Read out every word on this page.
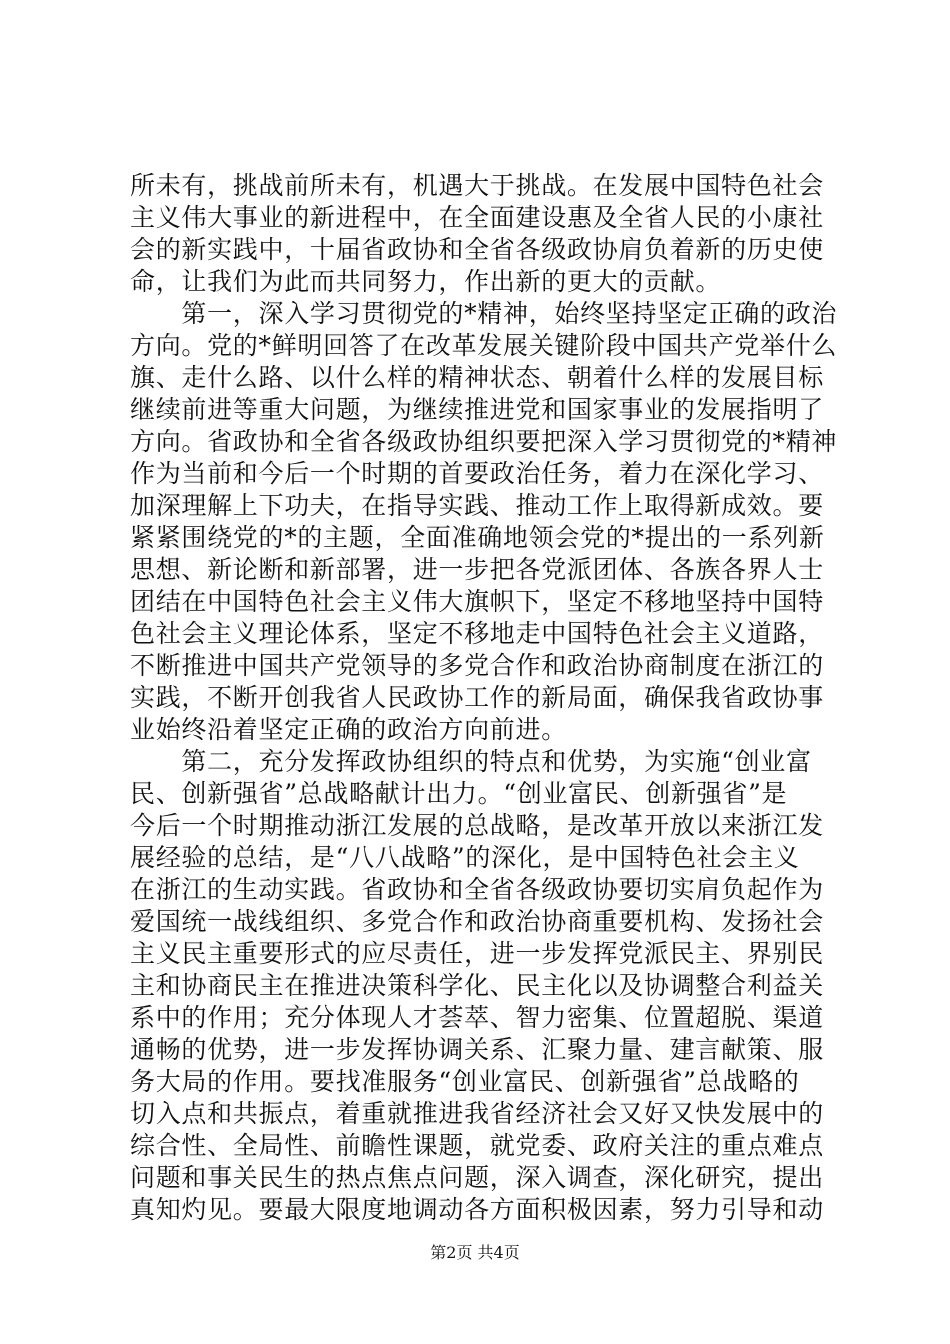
所未有，挑战前所未有，机遇大于挑战。在发展中国特色社会
主义伟大事业的新进程中，在全面建设惠及全省人民的小康社
会的新实践中，十届省政协和全省各级政协肩负着新的历史使
命，让我们为此而共同努力，作出新的更大的贡献。
　　第一，深入学习贯彻党的*精神，始终坚持坚定正确的政治
方向。党的*鲜明回答了在改革发展关键阶段中国共产党举什么
旗、走什么路、以什么样的精神状态、朝着什么样的发展目标
继续前进等重大问题，为继续推进党和国家事业的发展指明了
方向。省政协和全省各级政协组织要把深入学习贯彻党的*精神
作为当前和今后一个时期的首要政治任务，着力在深化学习、
加深理解上下功夫，在指导实践、推动工作上取得新成效。要
紧紧围绕党的*的主题，全面准确地领会党的*提出的一系列新
思想、新论断和新部署，进一步把各党派团体、各族各界人士
团结在中国特色社会主义伟大旗帜下，坚定不移地坚持中国特
色社会主义理论体系，坚定不移地走中国特色社会主义道路，
不断推进中国共产党领导的多党合作和政治协商制度在浙江的
实践，不断开创我省人民政协工作的新局面，确保我省政协事
业始终沿着坚定正确的政治方向前进。
　　第二，充分发挥政协组织的特点和优势，为实施“创业富
民、创新强省”总战略献计出力。“创业富民、创新强省”是
今后一个时期推动浙江发展的总战略，是改革开放以来浙江发
展经验的总结，是“八八战略”的深化，是中国特色社会主义
在浙江的生动实践。省政协和全省各级政协要切实肩负起作为
爱国统一战线组织、多党合作和政治协商重要机构、发扬社会
主义民主重要形式的应尽责任，进一步发挥党派民主、界别民
主和协商民主在推进决策科学化、民主化以及协调整合利益关
系中的作用；充分体现人才荟萃、智力密集、位置超脱、渠道
通畅的优势，进一步发挥协调关系、汇聚力量、建言献策、服
务大局的作用。要找准服务“创业富民、创新强省”总战略的
切入点和共振点，着重就推进我省经济社会又好又快发展中的
综合性、全局性、前瞻性课题，就党委、政府关注的重点难点
问题和事关民生的热点焦点问题，深入调查，深化研究，提出
真知灼见。要最大限度地调动各方面积极因素，努力引导和动
第2页 共4页
